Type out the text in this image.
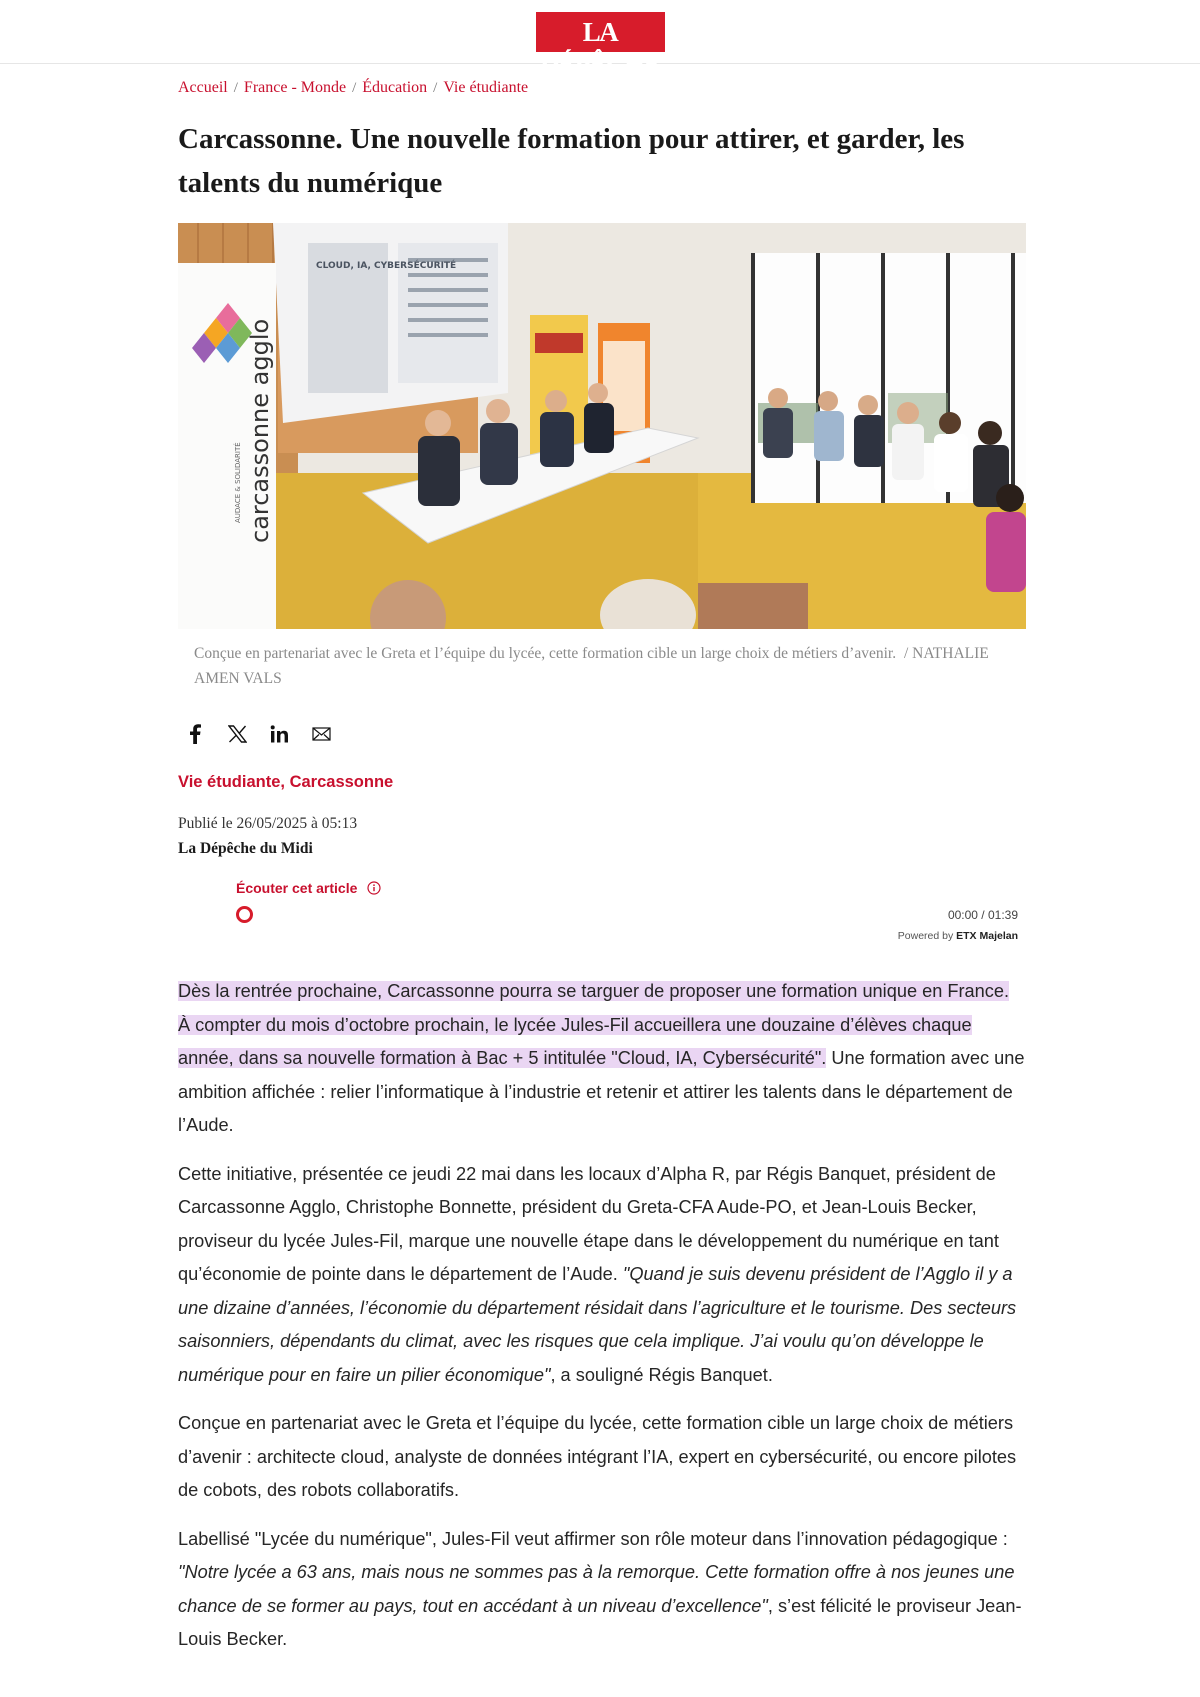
LA DÉPÊCHE
Accueil / France - Monde / Éducation / Vie étudiante
Carcassonne. Une nouvelle formation pour attirer, et garder, les talents du numérique
CLOUD, IA, CYBERSÉCURITÉ
carcassonne agglo
AUDACE & SOLIDARITÉ

Conçue en partenariat avec le Greta et l’équipe du lycée, cette formation cible un large choix de métiers d’avenir. / NATHALIE AMEN VALS

Vie étudiante, Carcassonne
Publié le 26/05/2025 à 05:13
La Dépêche du Midi
Écouter cet article
00:00 / 01:39
Powered by ETX Majelan

Dès la rentrée prochaine, Carcassonne pourra se targuer de proposer une formation unique en France. À compter du mois d’octobre prochain, le lycée Jules-Fil accueillera une douzaine d’élèves chaque année, dans sa nouvelle formation à Bac + 5 intitulée "Cloud, IA, Cybersécurité". Une formation avec une ambition affichée : relier l’informatique à l’industrie et retenir et attirer les talents dans le département de l’Aude.

Cette initiative, présentée ce jeudi 22 mai dans les locaux d’Alpha R, par Régis Banquet, président de Carcassonne Agglo, Christophe Bonnette, président du Greta-CFA Aude-PO, et Jean-Louis Becker, proviseur du lycée Jules-Fil, marque une nouvelle étape dans le développement du numérique en tant qu’économie de pointe dans le département de l’Aude. "Quand je suis devenu président de l’Agglo il y a une dizaine d’années, l’économie du département résidait dans l’agriculture et le tourisme. Des secteurs saisonniers, dépendants du climat, avec les risques que cela implique. J’ai voulu qu’on développe le numérique pour en faire un pilier économique", a souligné Régis Banquet.

Conçue en partenariat avec le Greta et l’équipe du lycée, cette formation cible un large choix de métiers d’avenir : architecte cloud, analyste de données intégrant l’IA, expert en cybersécurité, ou encore pilotes de cobots, des robots collaboratifs.

Labellisé "Lycée du numérique", Jules-Fil veut affirmer son rôle moteur dans l’innovation pédagogique : "Notre lycée a 63 ans, mais nous ne sommes pas à la remorque. Cette formation offre à nos jeunes une chance de se former au pays, tout en accédant à un niveau d’excellence", s’est félicité le proviseur Jean-Louis Becker.
